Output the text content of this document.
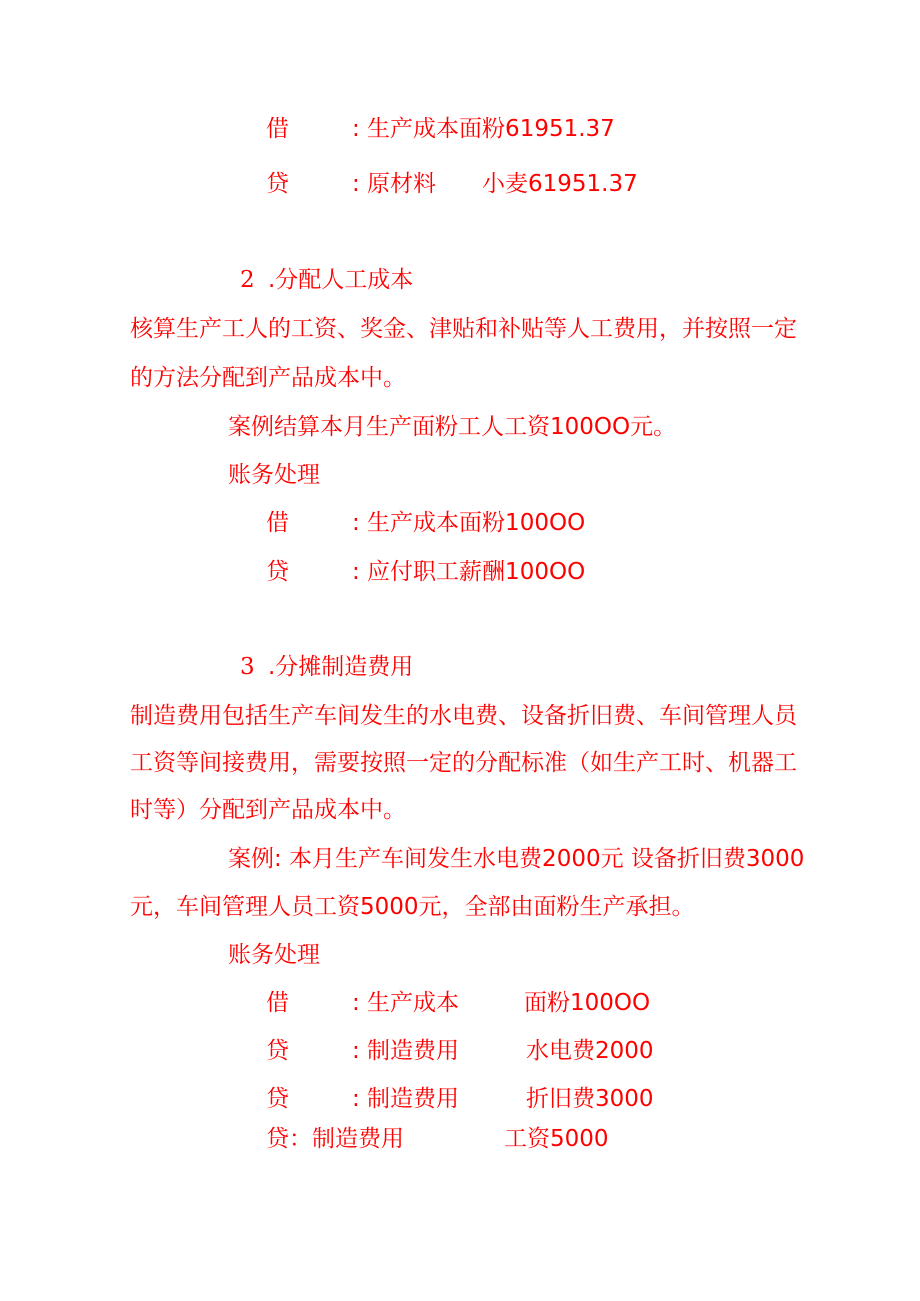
借	: 生产成本面粉61951.37
贷	: 原材料 小麦61951.37
2 .分配人工成本
核算生产工人的工资、奖金、津贴和补贴等人工费用，并按照一定
的方法分配到产品成本中。
案例结算本月生产面粉工人工资100OO元。
账务处理
借	: 生产成本面粉100OO
贷	: 应付职工薪酬100OO
3 .分摊制造费用
制造费用包括生产车间发生的水电费、设备折旧费、车间管理人员
工资等间接费用，需要按照一定的分配标准（如生产工时、机器工
时等）分配到产品成本中。
案例: 本月生产车间发生水电费2000元 设备折旧费3000
元，车间管理人员工资5000元，全部由面粉生产承担。
账务处理
借	: 生产成本	面粉100OO
贷	: 制造费用	水电费2000
贷	: 制造费用	折旧费3000
贷：制造费用	工资5000
